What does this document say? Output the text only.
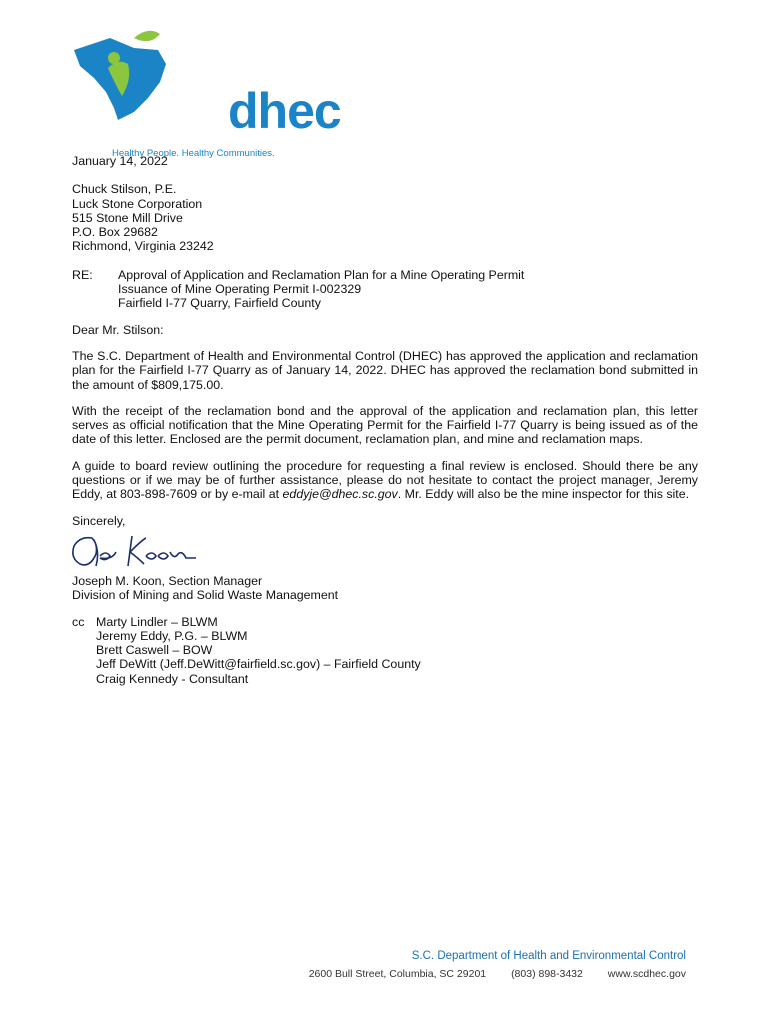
dhec
Healthy People. Healthy Communities.
January 14, 2022
Chuck Stilson, P.E.
Luck Stone Corporation
515 Stone Mill Drive
P.O. Box 29682
Richmond, Virginia 23242
RE:	Approval of Application and Reclamation Plan for a Mine Operating Permit
Issuance of Mine Operating Permit I-002329
Fairfield I-77 Quarry, Fairfield County
Dear Mr. Stilson:
The S.C. Department of Health and Environmental Control (DHEC) has approved the application and reclamation plan for the Fairfield I-77 Quarry as of January 14, 2022. DHEC has approved the reclamation bond submitted in the amount of $809,175.00.
With the receipt of the reclamation bond and the approval of the application and reclamation plan, this letter serves as official notification that the Mine Operating Permit for the Fairfield I-77 Quarry is being issued as of the date of this letter. Enclosed are the permit document, reclamation plan, and mine and reclamation maps.
A guide to board review outlining the procedure for requesting a final review is enclosed. Should there be any questions or if we may be of further assistance, please do not hesitate to contact the project manager, Jeremy Eddy, at 803-898-7609 or by e-mail at eddyje@dhec.sc.gov. Mr. Eddy will also be the mine inspector for this site.
Sincerely,
Joseph M. Koon, Section Manager
Division of Mining and Solid Waste Management
cc Marty Lindler – BLWM
Jeremy Eddy, P.G. – BLWM
Brett Caswell – BOW
Jeff DeWitt (Jeff.DeWitt@fairfield.sc.gov) – Fairfield County
Craig Kennedy - Consultant
S.C. Department of Health and Environmental Control
2600 Bull Street, Columbia, SC 29201 (803) 898-3432 www.scdhec.gov
